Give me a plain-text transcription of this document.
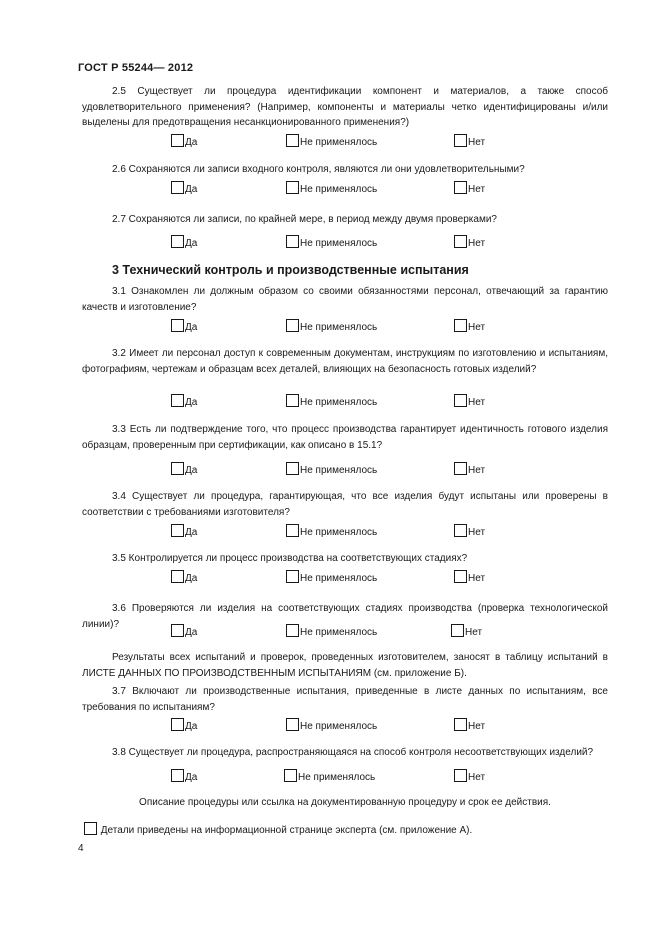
ГОСТ Р 55244— 2012
2.5 Существует ли процедура идентификации компонент и материалов, а также способ удовлетворительного применения? (Например, компоненты и материалы четко идентифицированы и/или выделены для предотвращения несанкционированного применения?)
Да	Не применялось	Нет
2.6 Сохраняются ли записи входного контроля, являются ли они удовлетворительными?
Да	Не применялось	Нет
2.7 Сохраняются ли записи, по крайней мере, в период между двумя проверками?
Да	Не применялось	Нет
3 Технический контроль и производственные испытания
3.1 Ознакомлен ли должным образом со своими обязанностями персонал, отвечающий за гарантию качеств и изготовление?
Да	Не применялось	Нет
3.2 Имеет ли персонал доступ к современным документам, инструкциям по изготовлению и испытаниям, фотографиям, чертежам и образцам всех деталей, влияющих на безопасность готовых изделий?
Да	Не применялось	Нет
3.3 Есть ли подтверждение того, что процесс производства гарантирует идентичность готового изделия образцам, проверенным при сертификации, как описано в 15.1?
Да	Не применялось	Нет
3.4 Существует ли процедура, гарантирующая, что все изделия будут испытаны или проверены в соответствии с требованиями изготовителя?
Да	Не применялось	Нет
3.5 Контролируется ли процесс производства на соответствующих стадиях?
Да	Не применялось	Нет
3.6 Проверяются ли изделия на соответствующих стадиях производства (проверка технологической линии)?
Да	Не применялось	Нет
Результаты всех испытаний и проверок, проведенных изготовителем, заносят в таблицу испытаний в ЛИСТЕ ДАННЫХ ПО ПРОИЗВОДСТВЕННЫМ ИСПЫТАНИЯМ (см. приложение Б).
3.7 Включают ли производственные испытания, приведенные в листе данных по испытаниям, все требования по испытаниям?
Да	Не применялось	Нет
3.8 Существует ли процедура, распространяющаяся на способ контроля несоответствующих изделий?
Да	Не применялось	Нет
Описание процедуры или ссылка на документированную процедуру и срок ее действия.
Детали приведены на информационной странице эксперта (см. приложение А).
4
